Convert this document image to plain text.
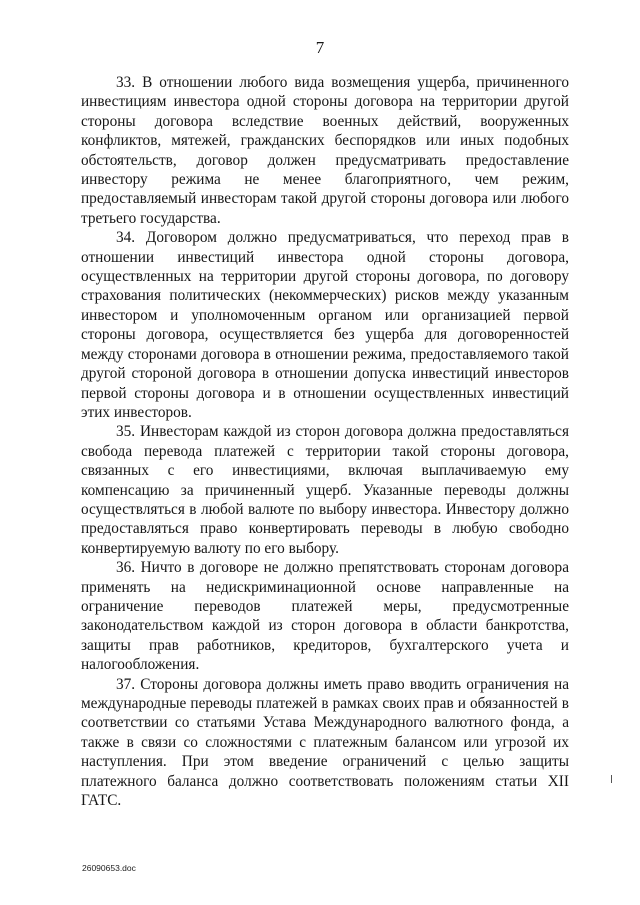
7

33. В отношении любого вида возмещения ущерба, причиненного инвестициям инвестора одной стороны договора на территории другой стороны договора вследствие военных действий, вооруженных конфликтов, мятежей, гражданских беспорядков или иных подобных обстоятельств, договор должен предусматривать предоставление инвестору режима не менее благоприятного, чем режим, предоставляемый инвесторам такой другой стороны договора или любого третьего государства.

34. Договором должно предусматриваться, что переход прав в отношении инвестиций инвестора одной стороны договора, осуществленных на территории другой стороны договора, по договору страхования политических (некоммерческих) рисков между указанным инвестором и уполномоченным органом или организацией первой стороны договора, осуществляется без ущерба для договоренностей между сторонами договора в отношении режима, предоставляемого такой другой стороной договора в отношении допуска инвестиций инвесторов первой стороны договора и в отношении осуществленных инвестиций этих инвесторов.

35. Инвесторам каждой из сторон договора должна предоставляться свобода перевода платежей с территории такой стороны договора, связанных с его инвестициями, включая выплачиваемую ему компенсацию за причиненный ущерб. Указанные переводы должны осуществляться в любой валюте по выбору инвестора. Инвестору должно предоставляться право конвертировать переводы в любую свободно конвертируемую валюту по его выбору.

36. Ничто в договоре не должно препятствовать сторонам договора применять на недискриминационной основе направленные на ограничение переводов платежей меры, предусмотренные законодательством каждой из сторон договора в области банкротства, защиты прав работников, кредиторов, бухгалтерского учета и налогообложения.

37. Стороны договора должны иметь право вводить ограничения на международные переводы платежей в рамках своих прав и обязанностей в соответствии со статьями Устава Международного валютного фонда, а также в связи со сложностями с платежным балансом или угрозой их наступления. При этом введение ограничений с целью защиты платежного баланса должно соответствовать положениям статьи XII ГАТС.

26090653.doc
